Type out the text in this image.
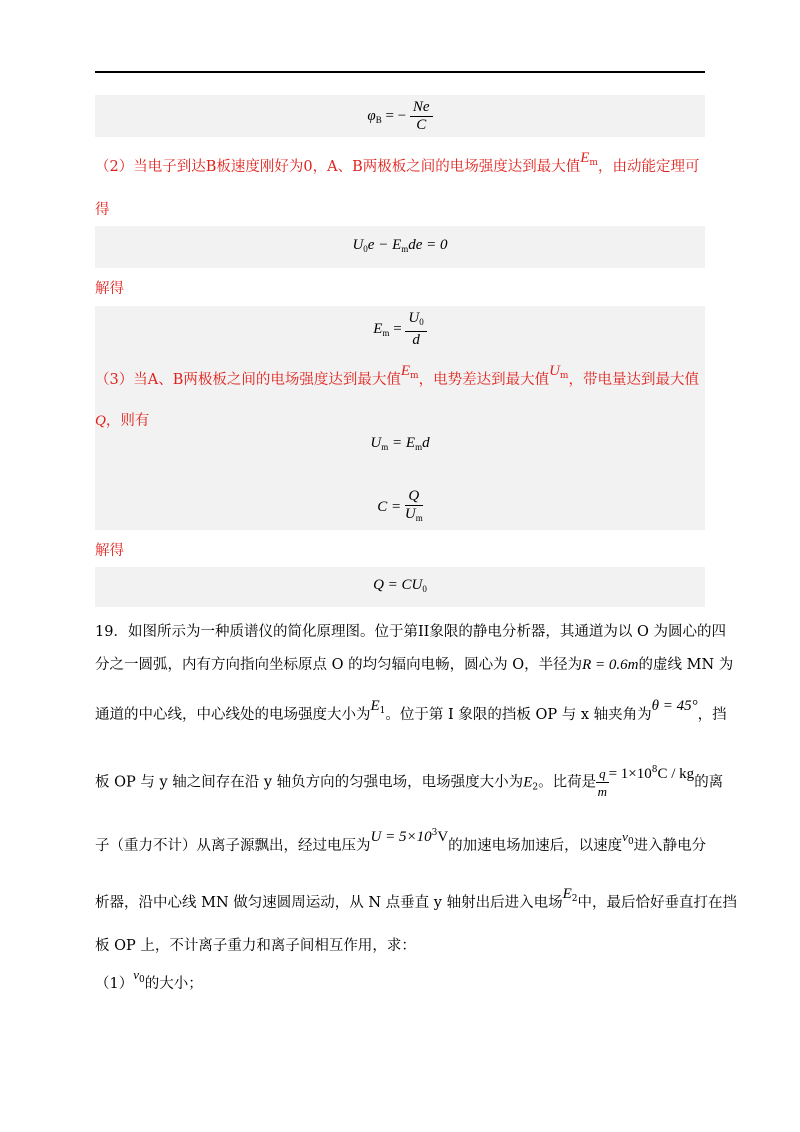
$\varphi_B$ = − $\frac{Ne}{C}$
（2）当电子到达B板速度刚好为0，A、B两极板之间的电场强度达到最大值$E^m$，由动能定理可
得
$U_0e - E_mde = 0$
解得
$E_m = \frac{U_0}{d}$
$U_m = E_md$
$C = \frac{Q}{U_m}$
（3）当A、B两极板之间的电场强度达到最大值$E^m$，电势差达到最大值$U^m$，带电量达到最大值
Q，则有
解得
$Q = CU_0$
19．如图所示为一种质谱仪的简化原理图。位于第II象限的静电分析器，其通道为以 O 为圆心的四
分之一圆弧，内有方向指向坐标原点 O 的均匀辐向电畅，圆心为 O，半径为R = 0.6m的虚线 MN 为
通道的中心线，中心线处的电场强度大小为$E^1$。位于第 I 象限的挡板 OP 与 x 轴夹角为θ = 45°，挡
板 OP 与 y 轴之间存在沿 y 轴负方向的匀强电场，电场强度大小为$E_2$。比荷是 $\frac{q}{m} = 1\times 10^8C$ / kg的离
子（重力不计）从离子源飘出，经过电压为$U = 5\times 10^3V$的加速电场加速后，以速度$v^0$进入静电分
析器，沿中心线 MN 做匀速圆周运动，从 N 点垂直 y 轴射出后进入电场$E^2$中，最后恰好垂直打在挡
板 OP 上，不计离子重力和离子间相互作用，求：
$(1)v^0$的大小；
